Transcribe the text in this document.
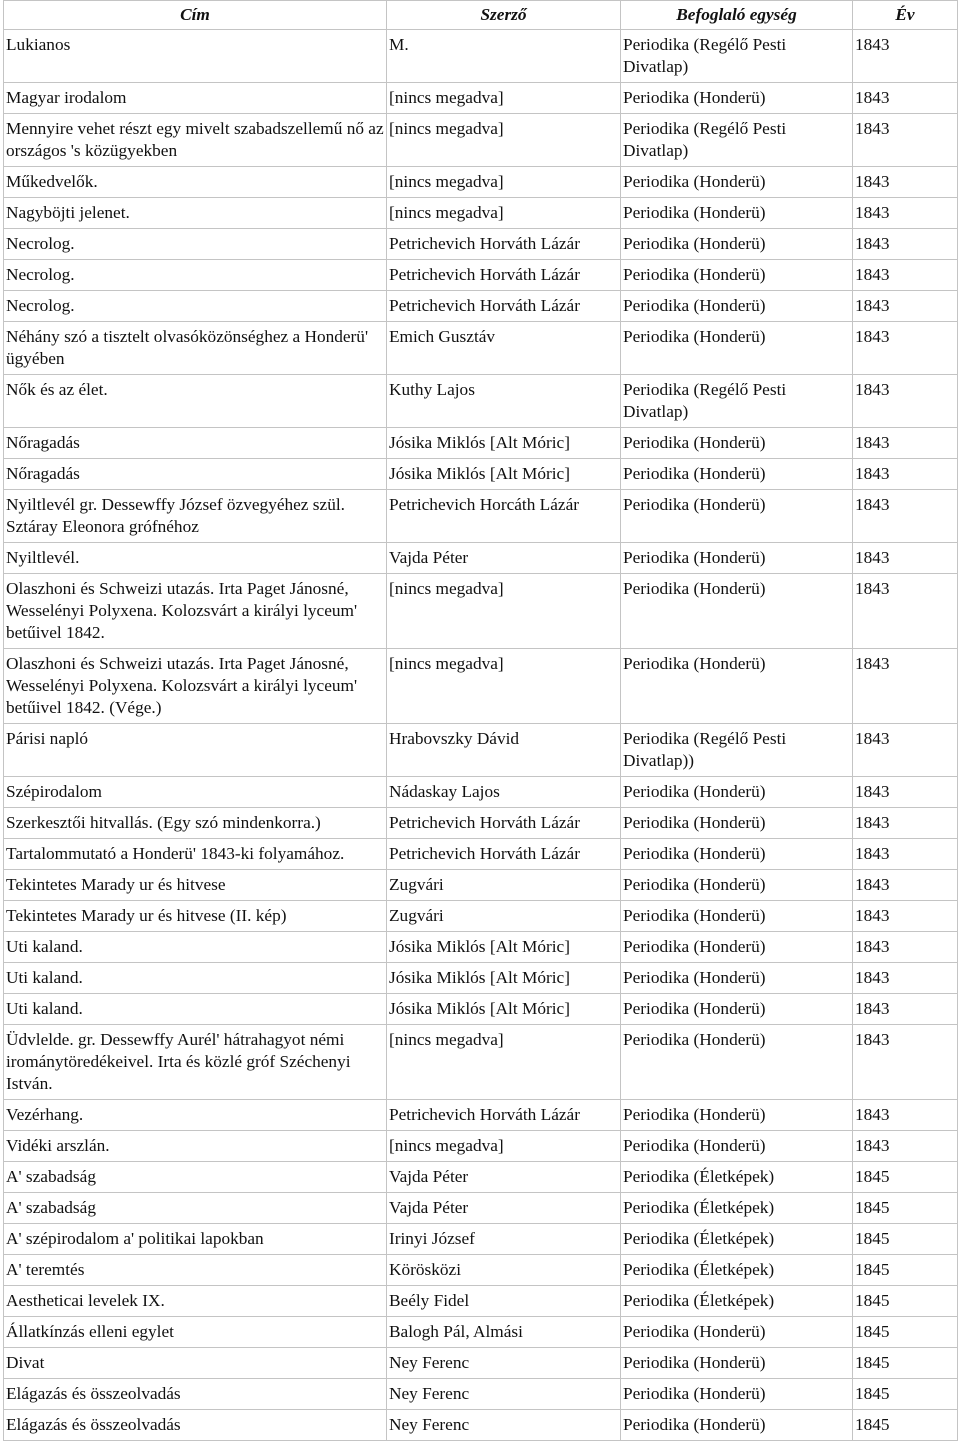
Cím	Szerző	Befoglaló egység	Év
Lukianos	M.	Periodika (Regélő Pesti Divatlap)	1843
Magyar irodalom	[nincs megadva]	Periodika (Honderü)	1843
Mennyire vehet részt egy mivelt szabadszellemű nő az országos 's közügyekben	[nincs megadva]	Periodika (Regélő Pesti Divatlap)	1843
Műkedvelők.	[nincs megadva]	Periodika (Honderü)	1843
Nagyböjti jelenet.	[nincs megadva]	Periodika (Honderü)	1843
Necrolog.	Petrichevich Horváth Lázár	Periodika (Honderü)	1843
Necrolog.	Petrichevich Horváth Lázár	Periodika (Honderü)	1843
Necrolog.	Petrichevich Horváth Lázár	Periodika (Honderü)	1843
Néhány szó a tisztelt olvasóközönséghez a Honderü' ügyében	Emich Gusztáv	Periodika (Honderü)	1843
Nők és az élet.	Kuthy Lajos	Periodika (Regélő Pesti Divatlap)	1843
Nőragadás	Jósika Miklós [Alt Móric]	Periodika (Honderü)	1843
Nőragadás	Jósika Miklós [Alt Móric]	Periodika (Honderü)	1843
Nyiltlevél gr. Dessewffy József özvegyéhez szül. Sztáray Eleonora grófnéhoz	Petrichevich Horcáth Lázár	Periodika (Honderü)	1843
Nyiltlevél.	Vajda Péter	Periodika (Honderü)	1843
Olaszhoni és Schweizi utazás. Irta Paget Jánosné, Wesselényi Polyxena. Kolozsvárt a királyi lyceum' betűivel 1842.	[nincs megadva]	Periodika (Honderü)	1843
Olaszhoni és Schweizi utazás. Irta Paget Jánosné, Wesselényi Polyxena. Kolozsvárt a királyi lyceum' betűivel 1842. (Vége.)	[nincs megadva]	Periodika (Honderü)	1843
Párisi napló	Hrabovszky Dávid	Periodika (Regélő Pesti Divatlap))	1843
Szépirodalom	Nádaskay Lajos	Periodika (Honderü)	1843
Szerkesztői hitvallás. (Egy szó mindenkorra.)	Petrichevich Horváth Lázár	Periodika (Honderü)	1843
Tartalommutató a Honderü' 1843-ki folyamához.	Petrichevich Horváth Lázár	Periodika (Honderü)	1843
Tekintetes Marady ur és hitvese	Zugvári	Periodika (Honderü)	1843
Tekintetes Marady ur és hitvese (II. kép)	Zugvári	Periodika (Honderü)	1843
Uti kaland.	Jósika Miklós [Alt Móric]	Periodika (Honderü)	1843
Uti kaland.	Jósika Miklós [Alt Móric]	Periodika (Honderü)	1843
Uti kaland.	Jósika Miklós [Alt Móric]	Periodika (Honderü)	1843
Üdvlelde. gr. Dessewffy Aurél' hátrahagyot némi irománytöredékeivel. Irta és közlé gróf Széchenyi István.	[nincs megadva]	Periodika (Honderü)	1843
Vezérhang.	Petrichevich Horváth Lázár	Periodika (Honderü)	1843
Vidéki arszlán.	[nincs megadva]	Periodika (Honderü)	1843
A' szabadság	Vajda Péter	Periodika (Életképek)	1845
A' szabadság	Vajda Péter	Periodika (Életképek)	1845
A' szépirodalom a' politikai lapokban	Irinyi József	Periodika (Életképek)	1845
A' teremtés	Körösközi	Periodika (Életképek)	1845
Aestheticai levelek IX.	Beély Fidel	Periodika (Életképek)	1845
Állatkínzás elleni egylet	Balogh Pál, Almási	Periodika (Honderü)	1845
Divat	Ney Ferenc	Periodika (Honderü)	1845
Elágazás és összeolvadás	Ney Ferenc	Periodika (Honderü)	1845
Elágazás és összeolvadás	Ney Ferenc	Periodika (Honderü)	1845
